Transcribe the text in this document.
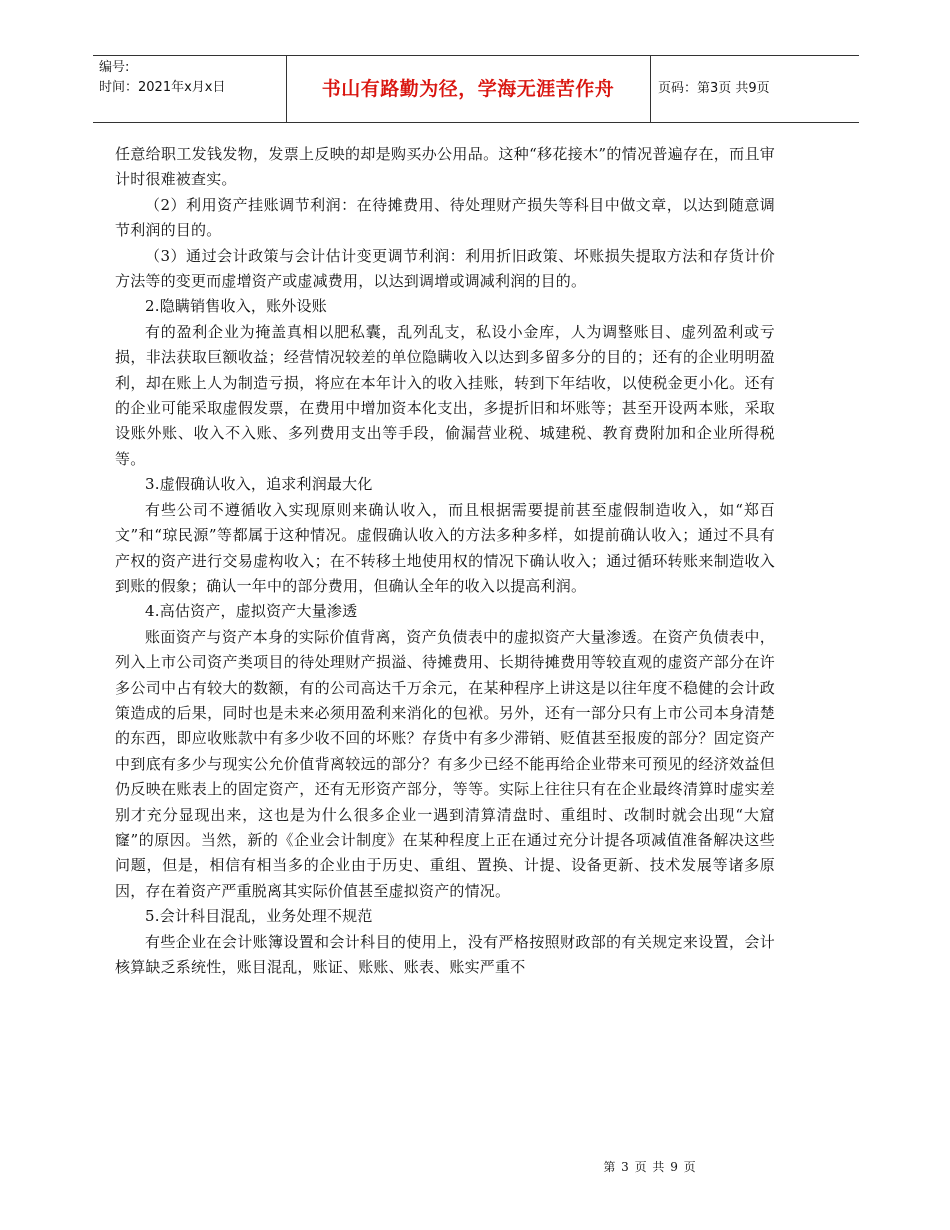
编号:
时间：2021年x月x日	书山有路勤为径，学海无涯苦作舟	页码：第3页 共9页

任意给职工发钱发物，发票上反映的却是购买办公用品。这种“移花接木”的情况普遍存在，而且审计时很难被查实。

（2）利用资产挂账调节利润：在待摊费用、待处理财产损失等科目中做文章，以达到随意调节利润的目的。

（3）通过会计政策与会计估计变更调节利润：利用折旧政策、坏账损失提取方法和存货计价方法等的变更而虚增资产或虚减费用，以达到调增或调减利润的目的。

2.隐瞒销售收入，账外设账

有的盈利企业为掩盖真相以肥私囊，乱列乱支，私设小金库，人为调整账目、虚列盈利或亏损，非法获取巨额收益；经营情况较差的单位隐瞒收入以达到多留多分的目的；还有的企业明明盈利，却在账上人为制造亏损，将应在本年计入的收入挂账，转到下年结收，以使税金更小化。还有的企业可能采取虚假发票，在费用中增加资本化支出，多提折旧和坏账等；甚至开设两本账，采取设账外账、收入不入账、多列费用支出等手段，偷漏营业税、城建税、教育费附加和企业所得税等。

3.虚假确认收入，追求利润最大化

有些公司不遵循收入实现原则来确认收入，而且根据需要提前甚至虚假制造收入，如“郑百文”和“琼民源”等都属于这种情况。虚假确认收入的方法多种多样，如提前确认收入；通过不具有产权的资产进行交易虚构收入；在不转移土地使用权的情况下确认收入；通过循环转账来制造收入到账的假象；确认一年中的部分费用，但确认全年的收入以提高利润。

4.高估资产，虚拟资产大量渗透

账面资产与资产本身的实际价值背离，资产负债表中的虚拟资产大量渗透。在资产负债表中，列入上市公司资产类项目的待处理财产损溢、待摊费用、长期待摊费用等较直观的虚资产部分在许多公司中占有较大的数额，有的公司高达千万余元，在某种程序上讲这是以往年度不稳健的会计政策造成的后果，同时也是未来必须用盈利来消化的包袱。另外，还有一部分只有上市公司本身清楚的东西，即应收账款中有多少收不回的坏账？存货中有多少滞销、贬值甚至报废的部分？固定资产中到底有多少与现实公允价值背离较远的部分？有多少已经不能再给企业带来可预见的经济效益但仍反映在账表上的固定资产，还有无形资产部分，等等。实际上往往只有在企业最终清算时虚实差别才充分显现出来，这也是为什么很多企业一遇到清算清盘时、重组时、改制时就会出现“大窟窿”的原因。当然，新的《企业会计制度》在某种程度上正在通过充分计提各项减值准备解决这些问题，但是，相信有相当多的企业由于历史、重组、置换、计提、设备更新、技术发展等诸多原因，存在着资产严重脱离其实际价值甚至虚拟资产的情况。

5.会计科目混乱，业务处理不规范

有些企业在会计账簿设置和会计科目的使用上，没有严格按照财政部的有关规定来设置，会计核算缺乏系统性，账目混乱，账证、账账、账表、账实严重不

第 3 页 共 9 页
